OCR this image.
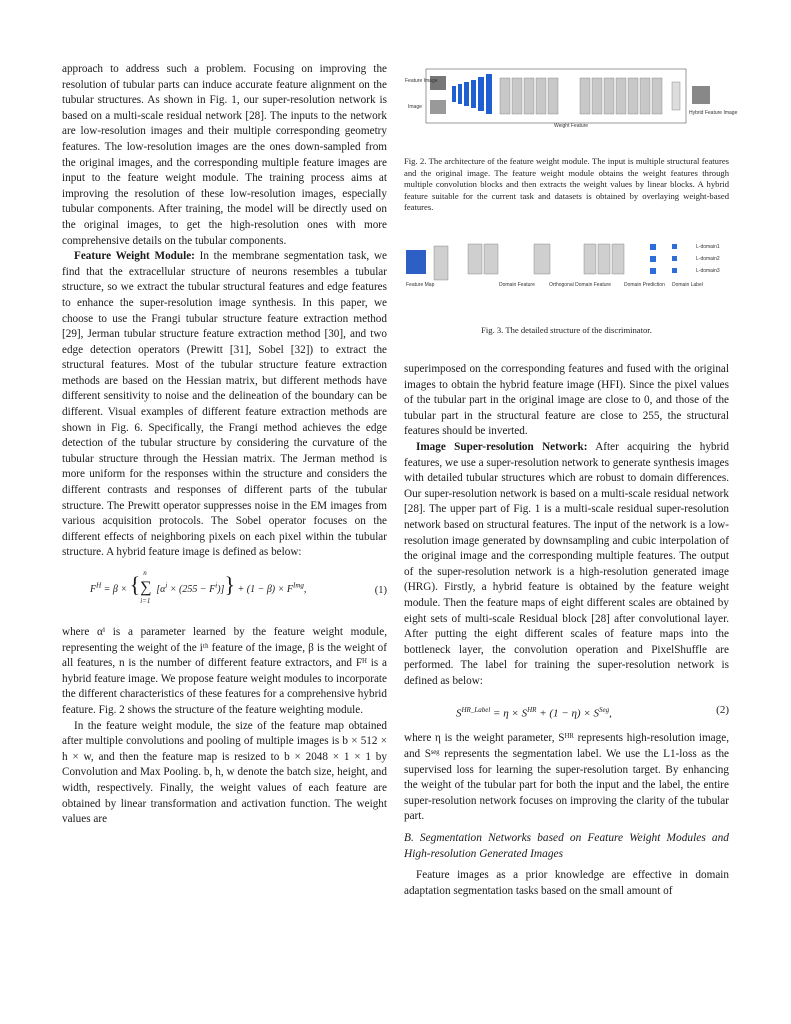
approach to address such a problem. Focusing on improving the resolution of tubular parts can induce accurate feature alignment on the tubular structures. As shown in Fig. 1, our super-resolution network is based on a multi-scale residual network [28]. The inputs to the network are low-resolution images and their multiple corresponding geometry features. The low-resolution images are the ones down-sampled from the original images, and the corresponding multiple feature images are input to the feature weight module. The training process aims at improving the resolution of these low-resolution images, especially tubular components. After training, the model will be directly used on the original images, to get the high-resolution ones with more comprehensive details on the tubular components.

Feature Weight Module: In the membrane segmentation task, we find that the extracellular structure of neurons resembles a tubular structure, so we extract the tubular structural features and edge features to enhance the super-resolution image synthesis. In this paper, we choose to use the Frangi tubular structure feature extraction method [29], Jerman tubular structure feature extraction method [30], and two edge detection operators (Prewitt [31], Sobel [32]) to extract the structural features. Most of the tubular structure feature extraction methods are based on the Hessian matrix, but different methods have different sensitivity to noise and the delineation of the boundary can be different. Visual examples of different feature extraction methods are shown in Fig. 6. Specifically, the Frangi method achieves the edge detection of the tubular structure by considering the curvature of the tubular structure through the Hessian matrix. The Jerman method is more uniform for the responses within the structure and considers the different contrasts and responses of different parts of the tubular structure. The Prewitt operator suppresses noise in the EM images from various acquisition protocols. The Sobel operator focuses on the different effects of neighboring pixels on each pixel within the tubular structure. A hybrid feature image is defined as below:

$F^H = \beta$ × { n
∑
i=1
$[\alpha^i \times (255 - F^i)]\} + (1 - \beta) \times F^{Img}$,	(1)

where αⁱ is a parameter learned by the feature weight module, representing the weight of the iᵗʰ feature of the image, β is the weight of all features, n is the number of different feature extractors, and Fᴴ is a hybrid feature image. We propose feature weight modules to incorporate the different characteristics of these features for a comprehensive hybrid feature. Fig. 2 shows the structure of the feature weighting module.

In the feature weight module, the size of the feature map obtained after multiple convolutions and pooling of multiple images is b × 512 × h × w, and then the feature map is resized to b × 2048 × 1 × 1 by Convolution and Max Pooling. b, h, w denote the batch size, height, and width, respectively. Finally, the weight values of each feature are obtained by linear transformation and activation function. The weight values are

Feature Image
Image
Hybrid Feature Image
Weight Feature
Fig. 2. The architecture of the feature weight module. The input is multiple structural features and the original image. The feature weight module obtains the weight features through multiple convolution blocks and then extracts the weight values by linear blocks. A hybrid feature suitable for the current task and datasets is obtained by overlaying weight-based features.
L-domain1
L-domain2
L-domain3
Feature Map	Domain Feature	Orthogonal Domain Feature	Domain Prediction Domain Label
Fig. 3. The detailed structure of the discriminator.

superimposed on the corresponding features and fused with the original images to obtain the hybrid feature image (HFI). Since the pixel values of the tubular part in the original image are close to 0, and those of the tubular part in the structural feature are close to 255, the structural features should be inverted.

Image Super-resolution Network: After acquiring the hybrid features, we use a super-resolution network to generate synthesis images with detailed tubular structures which are robust to domain differences. Our super-resolution network is based on a multi-scale residual network [28]. The upper part of Fig. 1 is a multi-scale residual super-resolution network based on structural features. The input of the network is a low-resolution image generated by downsampling and cubic interpolation of the original image and the corresponding multiple features. The output of the super-resolution network is a high-resolution generated image (HRG). Firstly, a hybrid feature is obtained by the feature weight module. Then the feature maps of eight different scales are obtained by eight sets of multi-scale Residual block [28] after convolutional layer. After putting the eight different scales of feature maps into the bottleneck layer, the convolution operation and PixelShuffle are performed. The label for training the super-resolution network is defined as below:

$S^{HR\_Label} = \eta \times S^{HR} + (1 - \eta) \times S^{Seg}$,	(2)

where η is the weight parameter, Sᴴᴿ represents high-resolution image, and Sˢᵉᵍ represents the segmentation label. We use the L1-loss as the supervised loss for learning the super-resolution target. By enhancing the weight of the tubular part for both the input and the label, the entire super-resolution network focuses on improving the clarity of the tubular part.

B. Segmentation Networks based on Feature Weight Modules and High-resolution Generated Images

Feature images as a prior knowledge are effective in domain adaptation segmentation tasks based on the small amount of
